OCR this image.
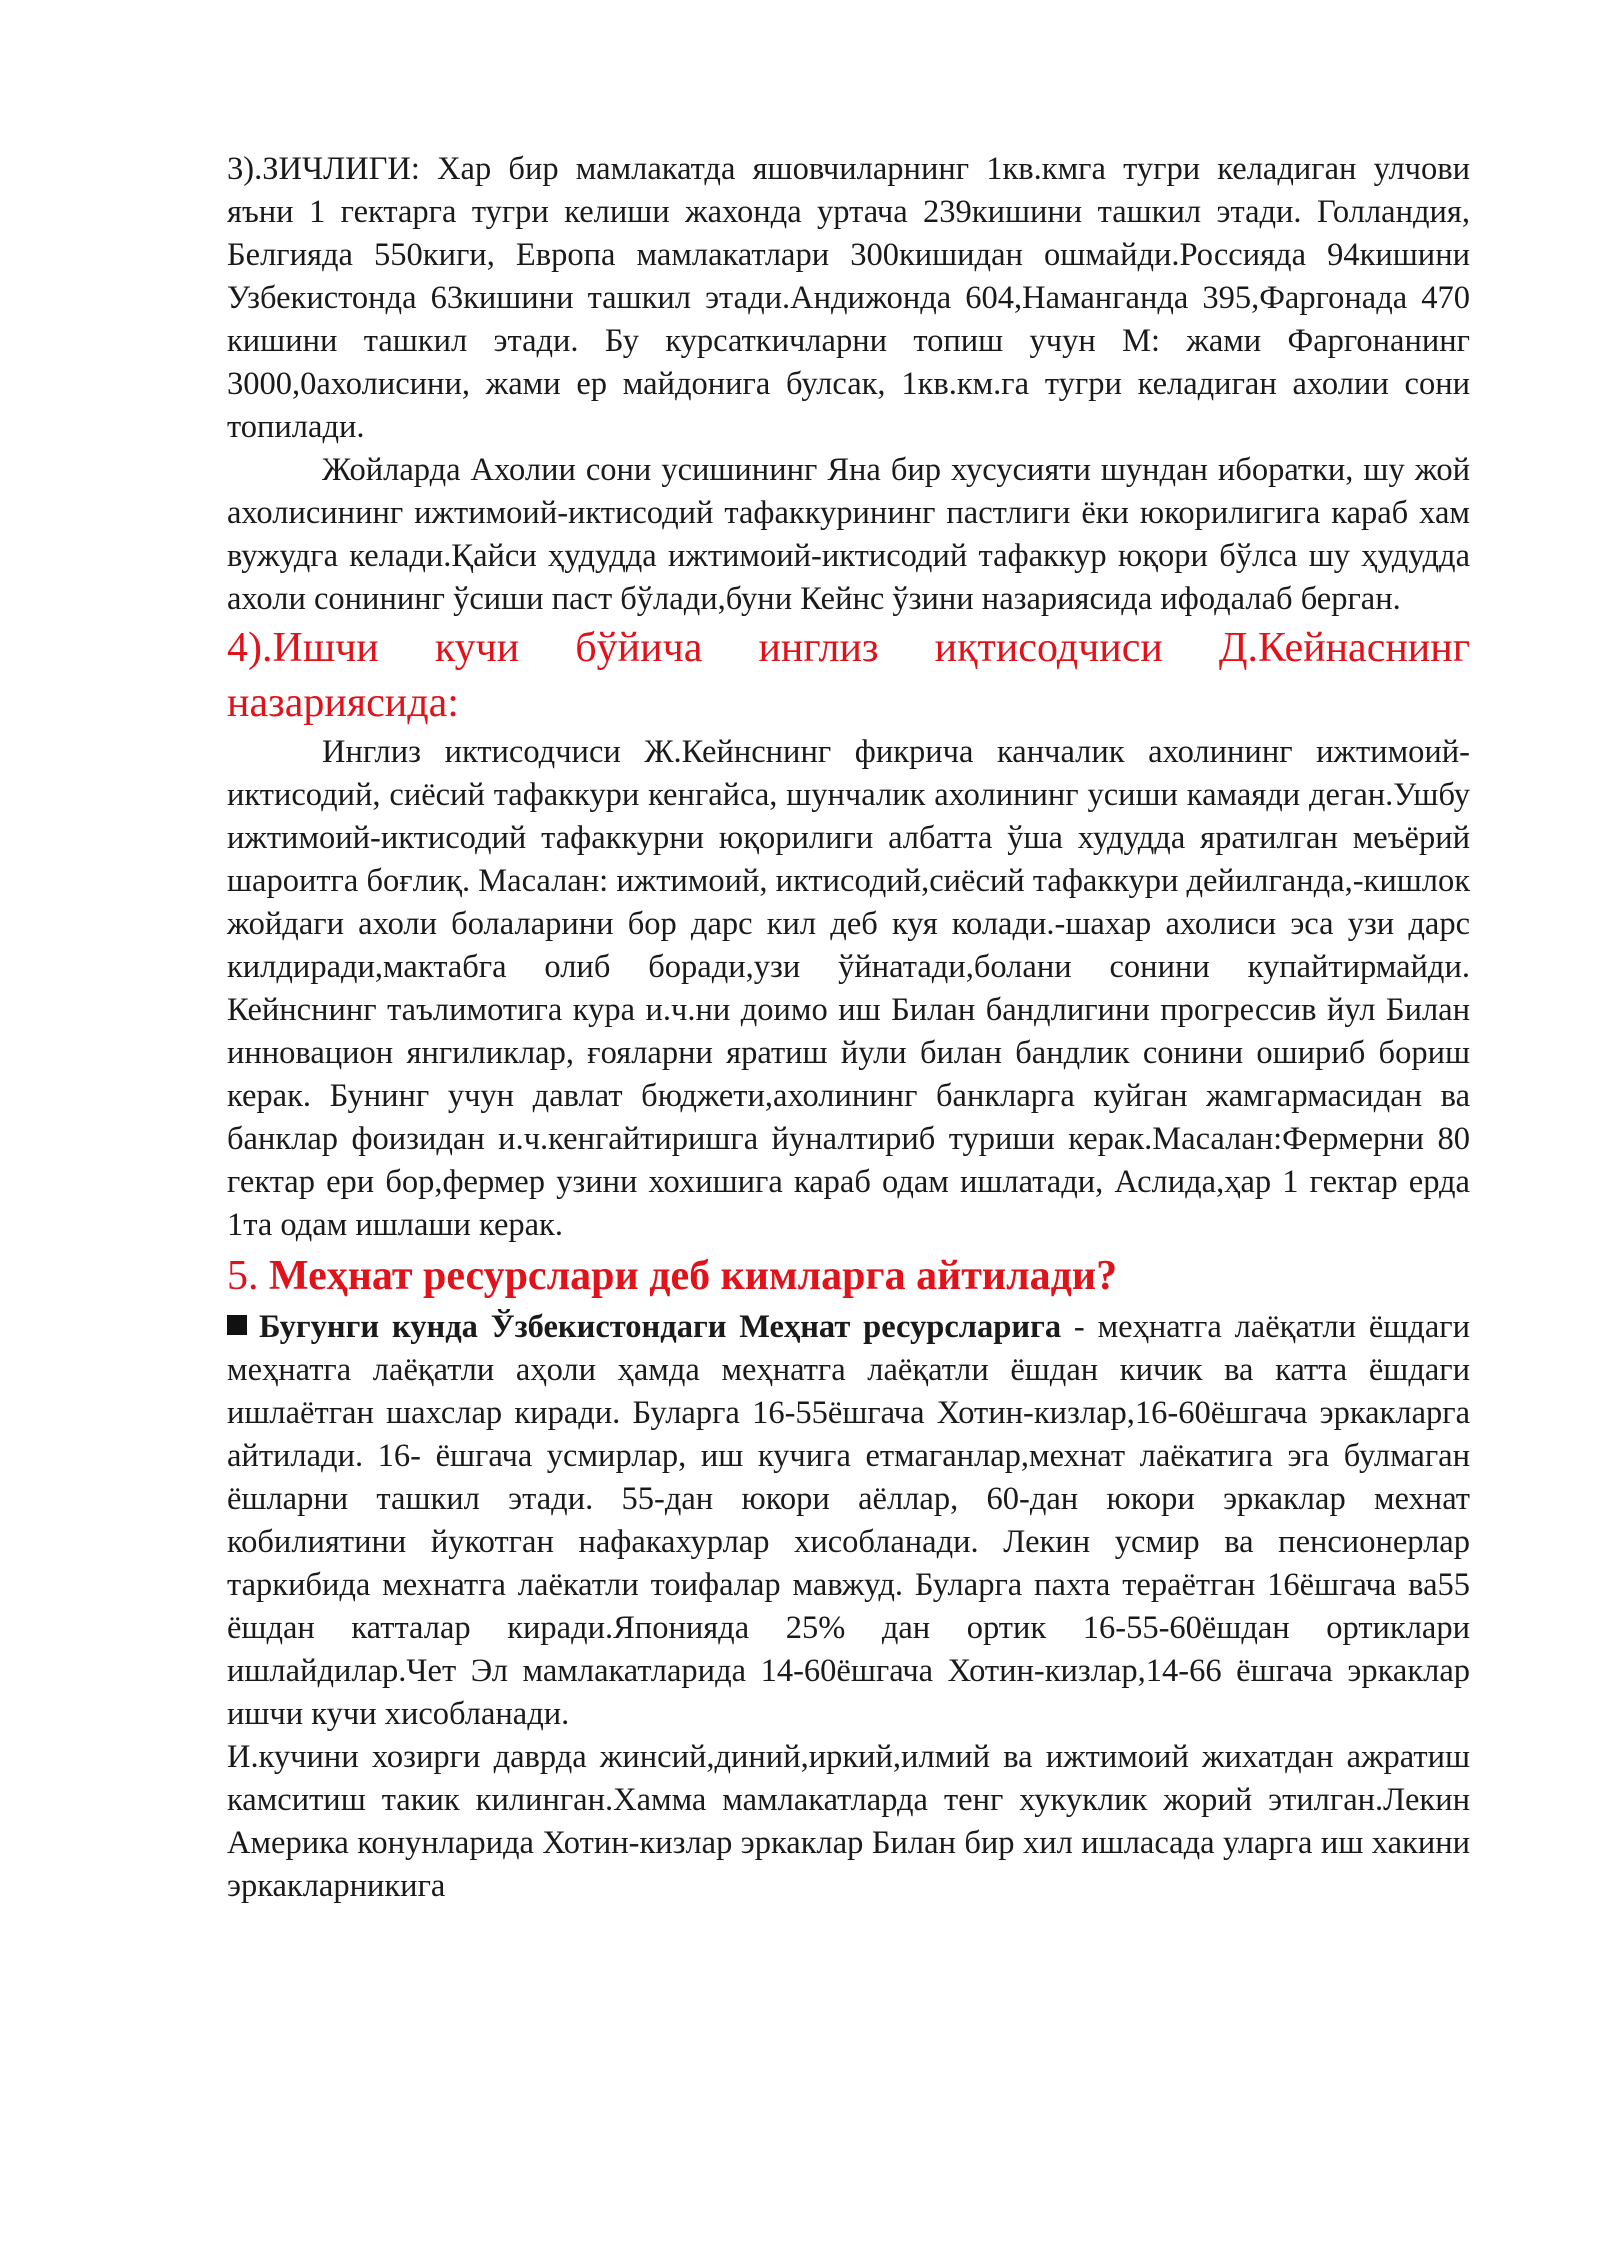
3).ЗИЧЛИГИ: Хар бир мамлакатда яшовчиларнинг 1кв.кмга тугри келадиган улчови яъни 1 гектарга тугри келиши жахонда уртача 239кишини ташкил этади. Голландия, Белгияда 550киги, Европа мамлакатлари 300кишидан ошмайди.Россияда 94кишини Узбекистонда 63кишини ташкил этади.Андижонда 604,Наманганда 395,Фаргонада 470 кишини ташкил этади. Бу курсаткичларни топиш учун М: жами Фаргонанинг 3000,0ахолисини, жами ер майдонига булсак, 1кв.км.га тугри келадиган ахолии сони топилади.

Жойларда Ахолии сони усишининг Яна бир хусусияти шундан иборатки, шу жой ахолисининг ижтимоий-иктисодий тафаккурининг пастлиги ёки юкорилигига караб хам вужудга келади.Қайси ҳудудда ижтимоий-иктисодий тафаккур юқори бўлса шу ҳудудда ахоли сонининг ўсиши паст бўлади,буни Кейнс ўзини назариясида ифодалаб берган.

4).Ишчи кучи бўйича инглиз иқтисодчиси Д.Кейнаснинг назариясида:

Инглиз иктисодчиси Ж.Кейнснинг фикрича канчалик ахолининг ижтимоий-иктисодий, сиёсий тафаккури кенгайса, шунчалик ахолининг усиши камаяди деган.Ушбу ижтимоий-иктисодий тафаккурни юқорилиги албатта ўша худудда яратилган меъёрий шароитга боғлиқ. Масалан: ижтимоий, иктисодий,сиёсий тафаккури дейилганда,-кишлок жойдаги ахоли болаларини бор дарс кил деб куя колади.-шахар ахолиси эса узи дарс килдиради,мактабга олиб боради,узи ўйнатади,болани сонини купайтирмайди. Кейнснинг таълимотига кура и.ч.ни доимо иш Билан бандлигини прогрессив йул Билан инновацион янгиликлар, ғояларни яратиш йули билан бандлик сонини ошириб бориш керак. Бунинг учун давлат бюджети,ахолининг банкларга куйган жамгармасидан ва банклар фоизидан и.ч.кенгайтиришга йуналтириб туриши керак.Масалан:Фермерни 80 гектар ери бор,фермер узини хохишига караб одам ишлатади, Аслида,ҳар 1 гектар ерда 1та одам ишлаши керак.

5. Меҳнат ресурслари деб кимларга айтилади?

Бугунги кунда Ўзбекистондаги Меҳнат ресурсларига - меҳнатга лаёқатли ёшдаги меҳнатга лаёқатли аҳоли ҳамда меҳнатга лаёқатли ёшдан кичик ва катта ёшдаги ишлаётган шахслар киради. Буларга 16-55ёшгача Хотин-кизлар,16-60ёшгача эркакларга айтилади. 16- ёшгача усмирлар, иш кучига етмаганлар,мехнат лаёкатига эга булмаган ёшларни ташкил этади. 55-дан юкори аёллар, 60-дан юкори эркаклар мехнат кобилиятини йукотган нафакахурлар хисобланади. Лекин усмир ва пенсионерлар таркибида мехнатга лаёкатли тоифалар мавжуд. Буларга пахта тераётган 16ёшгача ва55 ёшдан катталар киради.Японияда 25% дан ортик 16-55-60ёшдан ортиклари ишлайдилар.Чет Эл мамлакатларида 14-60ёшгача Хотин-кизлар,14-66 ёшгача эркаклар ишчи кучи хисобланади.

И.кучини хозирги даврда жинсий,диний,иркий,илмий ва ижтимоий жихатдан ажратиш камситиш такик килинган.Хамма мамлакатларда тенг хукуклик жорий этилган.Лекин Америка конунларида Хотин-кизлар эркаклар Билан бир хил ишласада уларга иш хакини эркакларникига
